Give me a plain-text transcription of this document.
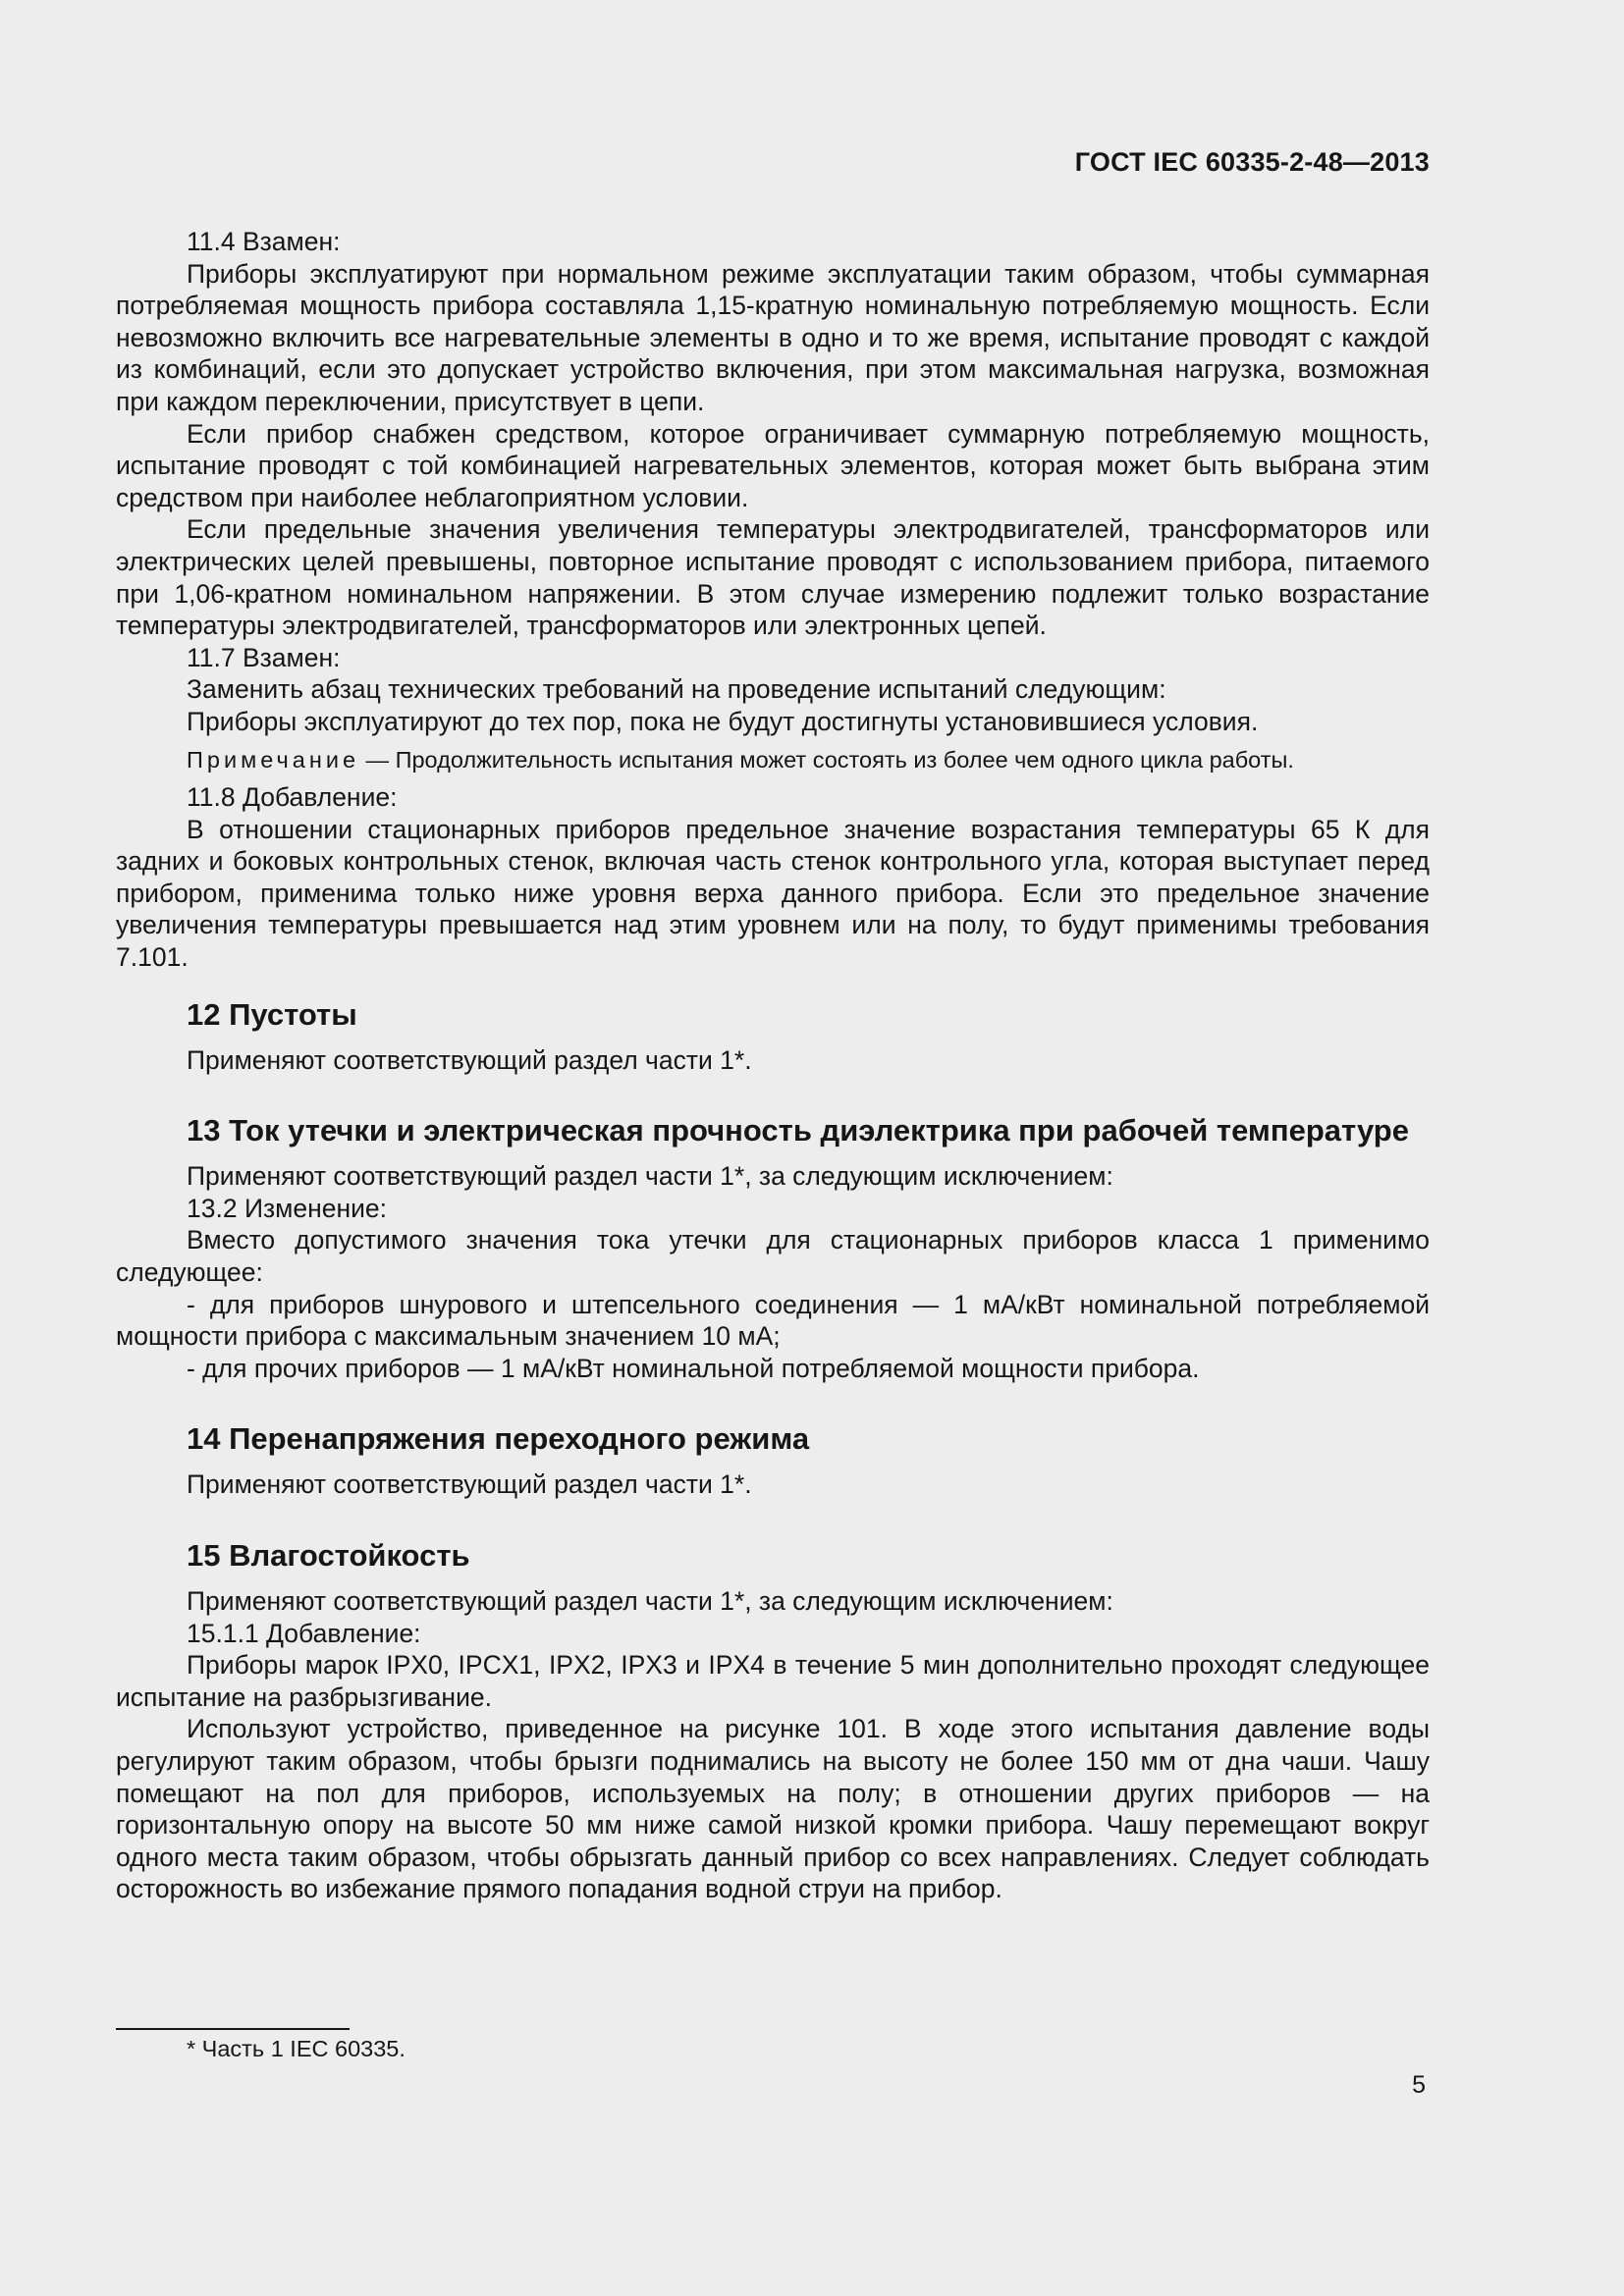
ГОСТ IEC 60335-2-48—2013

11.4 Взамен:

Приборы эксплуатируют при нормальном режиме эксплуатации таким образом, чтобы суммарная потребляемая мощность прибора составляла 1,15-кратную номинальную потребляемую мощность. Если невозможно включить все нагревательные элементы в одно и то же время, испытание проводят с каждой из комбинаций, если это допускает устройство включения, при этом максимальная нагрузка, возможная при каждом переключении, присутствует в цепи.

Если прибор снабжен средством, которое ограничивает суммарную потребляемую мощность, испытание проводят с той комбинацией нагревательных элементов, которая может быть выбрана этим средством при наиболее неблагоприятном условии.

Если предельные значения увеличения температуры электродвигателей, трансформаторов или электрических целей превышены, повторное испытание проводят с использованием прибора, питаемого при 1,06-кратном номинальном напряжении. В этом случае измерению подлежит только возрастание температуры электродвигателей, трансформаторов или электронных цепей.

11.7 Взамен:

Заменить абзац технических требований на проведение испытаний следующим:

Приборы эксплуатируют до тех пор, пока не будут достигнуты установившиеся условия.

Примечание — Продолжительность испытания может состоять из более чем одного цикла работы.

11.8 Добавление:

В отношении стационарных приборов предельное значение возрастания температуры 65 К для задних и боковых контрольных стенок, включая часть стенок контрольного угла, которая выступает перед прибором, применима только ниже уровня верха данного прибора. Если это предельное значение увеличения температуры превышается над этим уровнем или на полу, то будут применимы требования 7.101.

12 Пустоты

Применяют соответствующий раздел части 1*.

13 Ток утечки и электрическая прочность диэлектрика при рабочей температуре

Применяют соответствующий раздел части 1*, за следующим исключением:

13.2 Изменение:

Вместо допустимого значения тока утечки для стационарных приборов класса 1 применимо следующее:

- для приборов шнурового и штепсельного соединения — 1 мА/кВт номинальной потребляемой мощности прибора с максимальным значением 10 мА;

- для прочих приборов — 1 мА/кВт номинальной потребляемой мощности прибора.

14 Перенапряжения переходного режима

Применяют соответствующий раздел части 1*.

15 Влагостойкость

Применяют соответствующий раздел части 1*, за следующим исключением:

15.1.1 Добавление:

Приборы марок IPX0, IPCX1, IPX2, IPX3 и IPX4 в течение 5 мин дополнительно проходят следующее испытание на разбрызгивание.

Используют устройство, приведенное на рисунке 101. В ходе этого испытания давление воды регулируют таким образом, чтобы брызги поднимались на высоту не более 150 мм от дна чаши. Чашу помещают на пол для приборов, используемых на полу; в отношении других приборов — на горизонтальную опору на высоте 50 мм ниже самой низкой кромки прибора. Чашу перемещают вокруг одного места таким образом, чтобы обрызгать данный прибор со всех направлениях. Следует соблюдать осторожность во избежание прямого попадания водной струи на прибор.

* Часть 1 IEC 60335.
5
